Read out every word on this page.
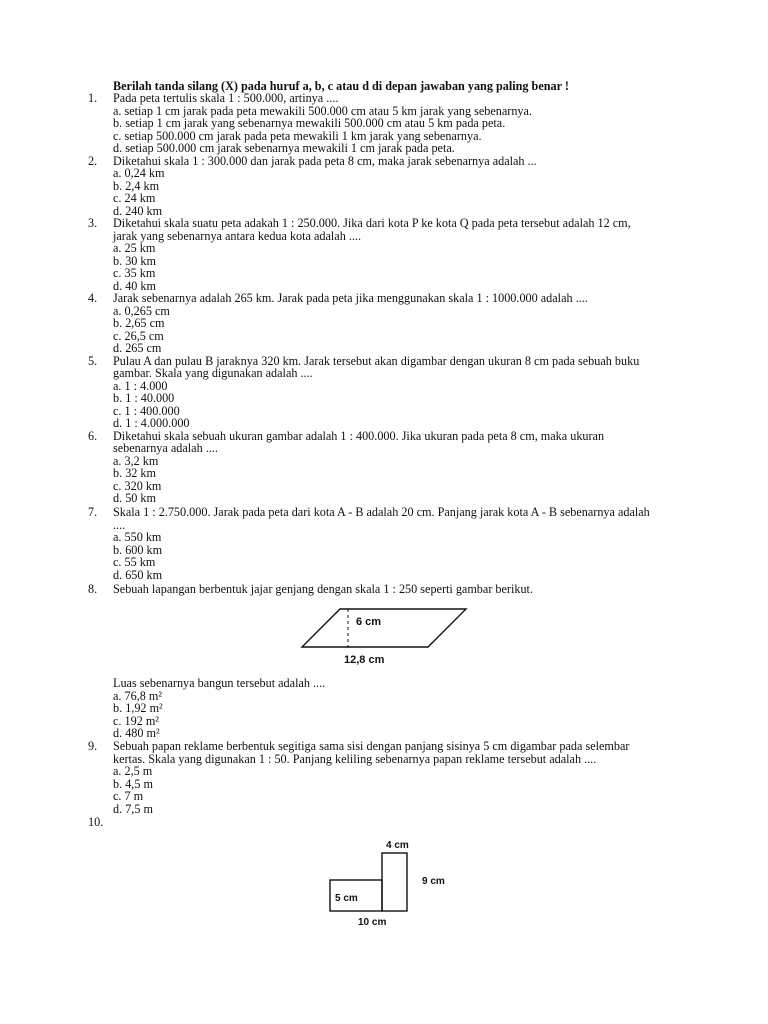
Berilah tanda silang (X) pada huruf a, b, c atau d di depan jawaban yang paling benar !
1. Pada peta tertulis skala 1 : 500.000, artinya ....
a. setiap 1 cm jarak pada peta mewakili 500.000 cm atau 5 km jarak yang sebenarnya.
b. setiap 1 cm jarak yang sebenarnya mewakili 500.000 cm atau 5 km pada peta.
c. setiap 500.000 cm jarak pada peta mewakili 1 km jarak yang sebenarnya.
d. setiap 500.000 cm jarak sebenarnya mewakili 1 cm jarak pada peta.
2. Diketahui skala 1 : 300.000 dan jarak pada peta 8 cm, maka jarak sebenarnya adalah ...
a. 0,24 km
b. 2,4 km
c. 24 km
d. 240 km
3. Diketahui skala suatu peta adakah 1 : 250.000. Jika dari kota P ke kota Q pada peta tersebut adalah 12 cm,
jarak yang sebenarnya antara kedua kota adalah ....
a. 25 km
b. 30 km
c. 35 km
d. 40 km
4. Jarak sebenarnya adalah 265 km. Jarak pada peta jika menggunakan skala 1 : 1000.000 adalah ....
a. 0,265 cm
b. 2,65 cm
c. 26,5 cm
d. 265 cm
5. Pulau A dan pulau B jaraknya 320 km. Jarak tersebut akan digambar dengan ukuran 8 cm pada sebuah buku
gambar. Skala yang digunakan adalah ....
a. 1 : 4.000
b. 1 : 40.000
c. 1 : 400.000
d. 1 : 4.000.000
6. Diketahui skala sebuah ukuran gambar adalah 1 : 400.000. Jika ukuran pada peta 8 cm, maka ukuran
sebenarnya adalah ....
a. 3,2 km
b. 32 km
c. 320 km
d. 50 km
7. Skala 1 : 2.750.000. Jarak pada peta dari kota A - B adalah 20 cm. Panjang jarak kota A - B sebenarnya adalah
....
a. 550 km
b. 600 km
c. 55 km
d. 650 km
8. Sebuah lapangan berbentuk jajar genjang dengan skala 1 : 250 seperti gambar berikut.
6 cm
12,8 cm
Luas sebenarnya bangun tersebut adalah ....
a. 76,8 m²
b. 1,92 m²
c. 192 m²
d. 480 m²
9. Sebuah papan reklame berbentuk segitiga sama sisi dengan panjang sisinya 5 cm digambar pada selembar
kertas. Skala yang digunakan 1 : 50. Panjang keliling sebenarnya papan reklame tersebut adalah ....
a. 2,5 m
b. 4,5 m
c. 7 m
d. 7,5 m
10.
4 cm
9 cm
5 cm
10 cm
